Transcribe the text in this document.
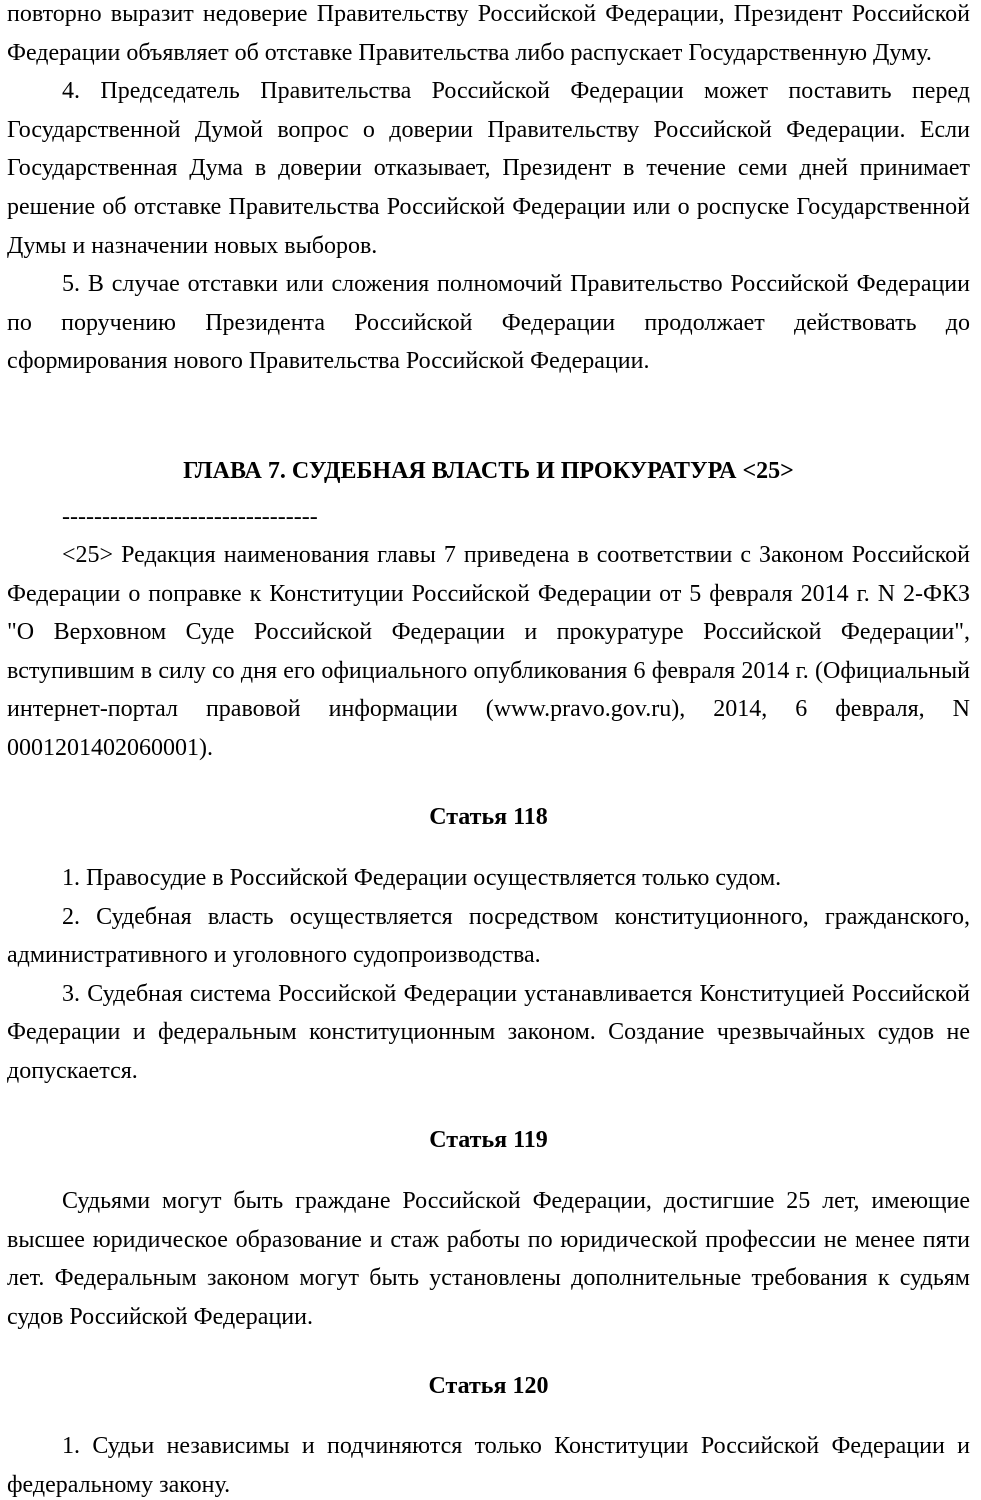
повторно выразит недоверие Правительству Российской Федерации, Президент Российской Федерации объявляет об отставке Правительства либо распускает Государственную Думу.

4. Председатель Правительства Российской Федерации может поставить перед Государственной Думой вопрос о доверии Правительству Российской Федерации. Если Государственная Дума в доверии отказывает, Президент в течение семи дней принимает решение об отставке Правительства Российской Федерации или о роспуске Государственной Думы и назначении новых выборов.

5. В случае отставки или сложения полномочий Правительство Российской Федерации по поручению Президента Российской Федерации продолжает действовать до сформирования нового Правительства Российской Федерации.

ГЛАВА 7. СУДЕБНАЯ ВЛАСТЬ И ПРОКУРАТУРА <25>
--------------------------------

<25> Редакция наименования главы 7 приведена в соответствии с Законом Российской Федерации о поправке к Конституции Российской Федерации от 5 февраля 2014 г. N 2-ФКЗ "О Верховном Суде Российской Федерации и прокуратуре Российской Федерации", вступившим в силу со дня его официального опубликования 6 февраля 2014 г. (Официальный интернет-портал правовой информации (www.pravo.gov.ru), 2014, 6 февраля, N 0001201402060001).

Статья 118

1. Правосудие в Российской Федерации осуществляется только судом.

2. Судебная власть осуществляется посредством конституционного, гражданского, административного и уголовного судопроизводства.

3. Судебная система Российской Федерации устанавливается Конституцией Российской Федерации и федеральным конституционным законом. Создание чрезвычайных судов не допускается.

Статья 119

Судьями могут быть граждане Российской Федерации, достигшие 25 лет, имеющие высшее юридическое образование и стаж работы по юридической профессии не менее пяти лет. Федеральным законом могут быть установлены дополнительные требования к судьям судов Российской Федерации.

Статья 120

1. Судьи независимы и подчиняются только Конституции Российской Федерации и федеральному закону.
